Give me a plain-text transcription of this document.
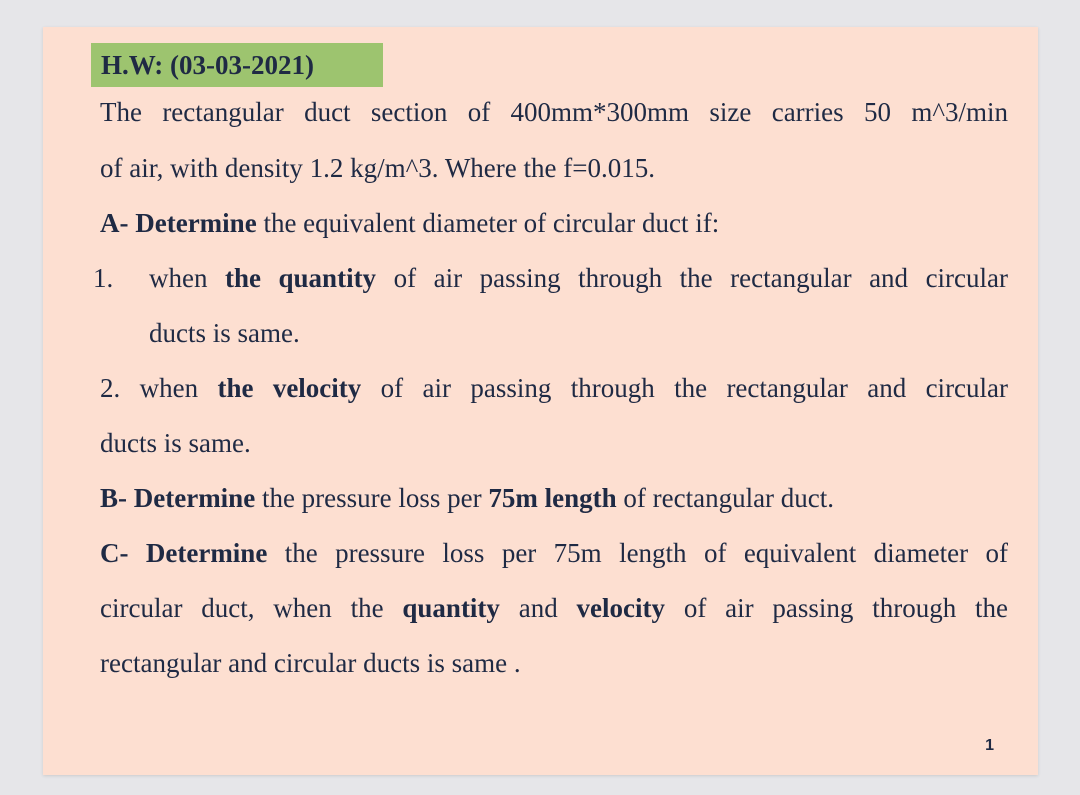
H.W: (03-03-2021)
The rectangular duct section of 400mm*300mm size carries 50 m^3/min
of air, with density 1.2 kg/m^3. Where the f=0.015.
A- Determine the equivalent diameter of circular duct if:
1. when the quantity of air passing through the rectangular and circular
ducts is same.
2. when the velocity of air passing through the rectangular and circular
ducts is same.
B- Determine the pressure loss per 75m length of rectangular duct.
C- Determine the pressure loss per 75m length of equivalent diameter of
circular duct, when the quantity and velocity of air passing through the
rectangular and circular ducts is same .
1
